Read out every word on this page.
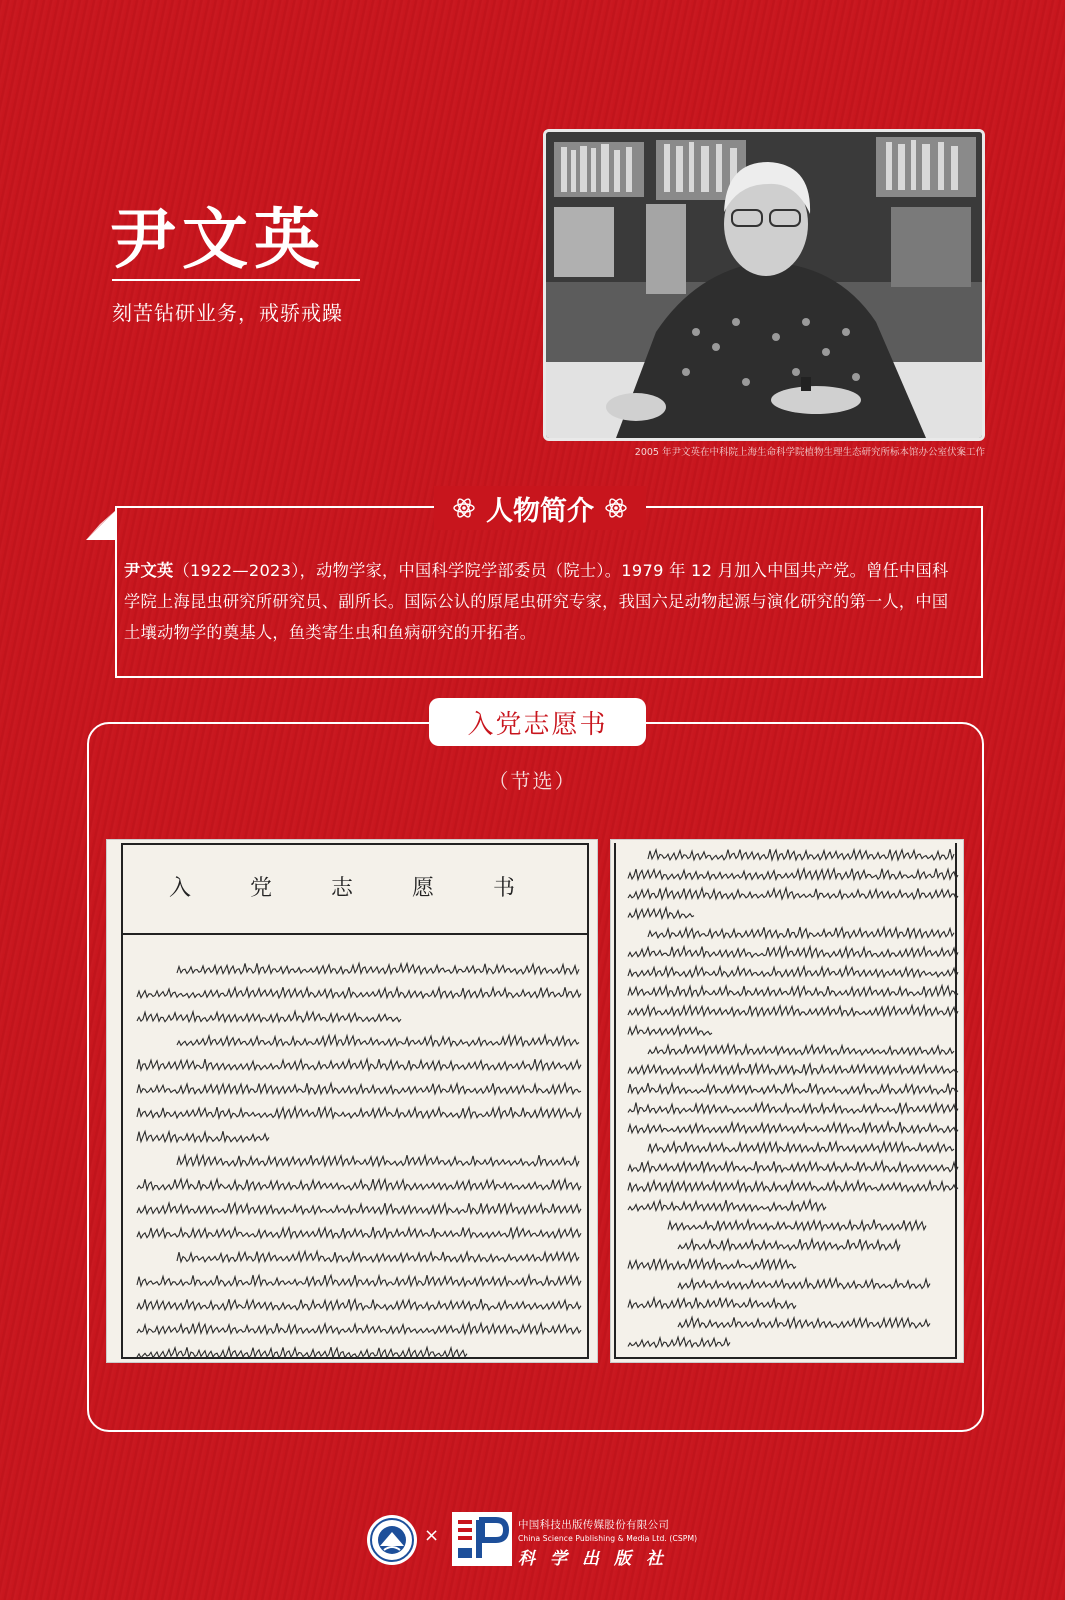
尹文英
刻苦钻研业务，戒骄戒躁
2005 年尹文英在中科院上海生命科学院植物生理生态研究所标本馆办公室伏案工作
人物简介
尹文英（1922—2023），动物学家，中国科学院学部委员（院士）。1979 年 12 月加入中国共产党。曾任中国科学院上海昆虫研究所研究员、副所长。国际公认的原尾虫研究专家，我国六足动物起源与演化研究的第一人，中国土壤动物学的奠基人，鱼类寄生虫和鱼病研究的开拓者。
入党志愿书
（节选）
入 党 志 愿 书
×	中国科技出版传媒股份有限公司
China Science Publishing & Media Ltd. (CSPM)
科学出版社
